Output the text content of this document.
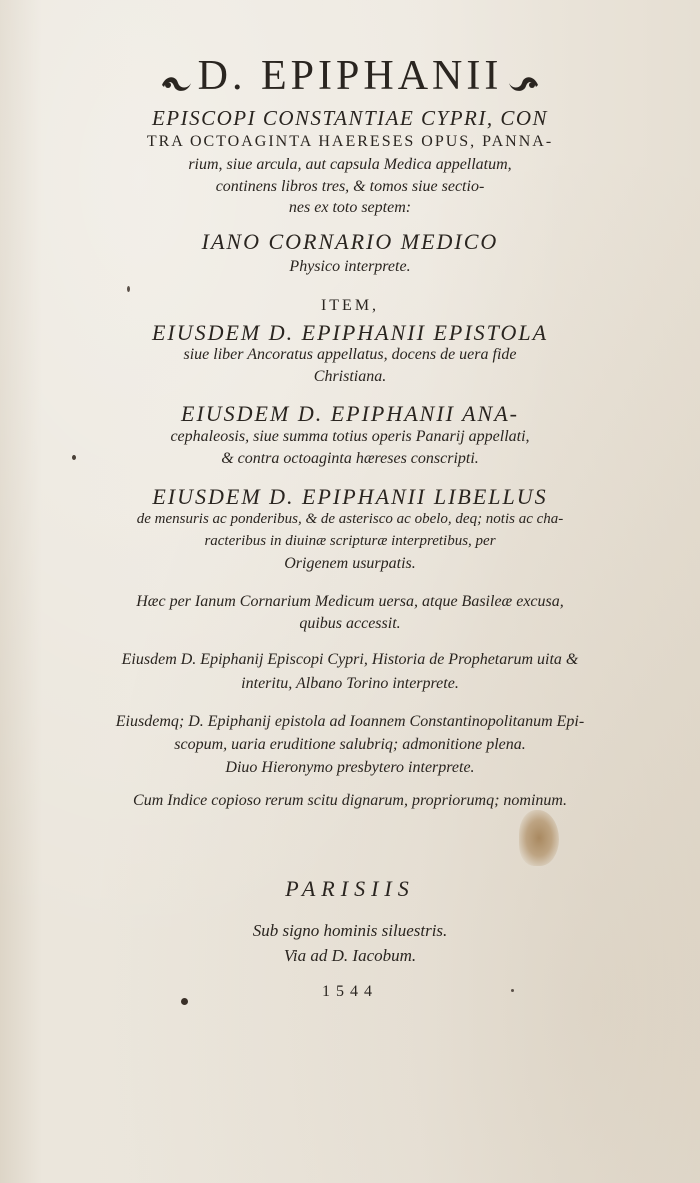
D. EPIPHANII
EPISCOPI CONSTANTIAE CYPRI, CON
TRA OCTOAGINTA HAERESES OPUS, PANNA-
rium, siue arcula, aut capsula Medica appellatum,
continens libros tres, & tomos siue sectio-
nes ex toto septem:
IANO CORNARIO MEDICO
Physico interprete.
ITEM,
EIUSDEM D. EPIPHANII EPISTOLA
siue liber Ancoratus appellatus, docens de uera fide
Christiana.
EIUSDEM D. EPIPHANII ANA-
cephaleosis, siue summa totius operis Panarij appellati,
& contra octoaginta hæreses conscripti.
EIUSDEM D. EPIPHANII LIBELLUS
de mensuris ac ponderibus, & de asterisco ac obelo, deq; notis ac cha-
racteribus in diuinæ scripturæ interpretibus, per
Origenem usurpatis.
Hæc per Ianum Cornarium Medicum uersa, atque Basileæ excusa,
quibus accessit.
Eiusdem D. Epiphanij Episcopi Cypri, Historia de Prophetarum uita &
interitu, Albano Torino interprete.
Eiusdemq; D. Epiphanij epistola ad Ioannem Constantinopolitanum Epi-
scopum, uaria eruditione salubriq; admonitione plena.
Diuo Hieronymo presbytero interprete.
Cum Indice copioso rerum scitu dignarum, propriorumq; nominum.
PARISIIS
Sub signo hominis siluestris.
Via ad D. Iacobum.
1544
